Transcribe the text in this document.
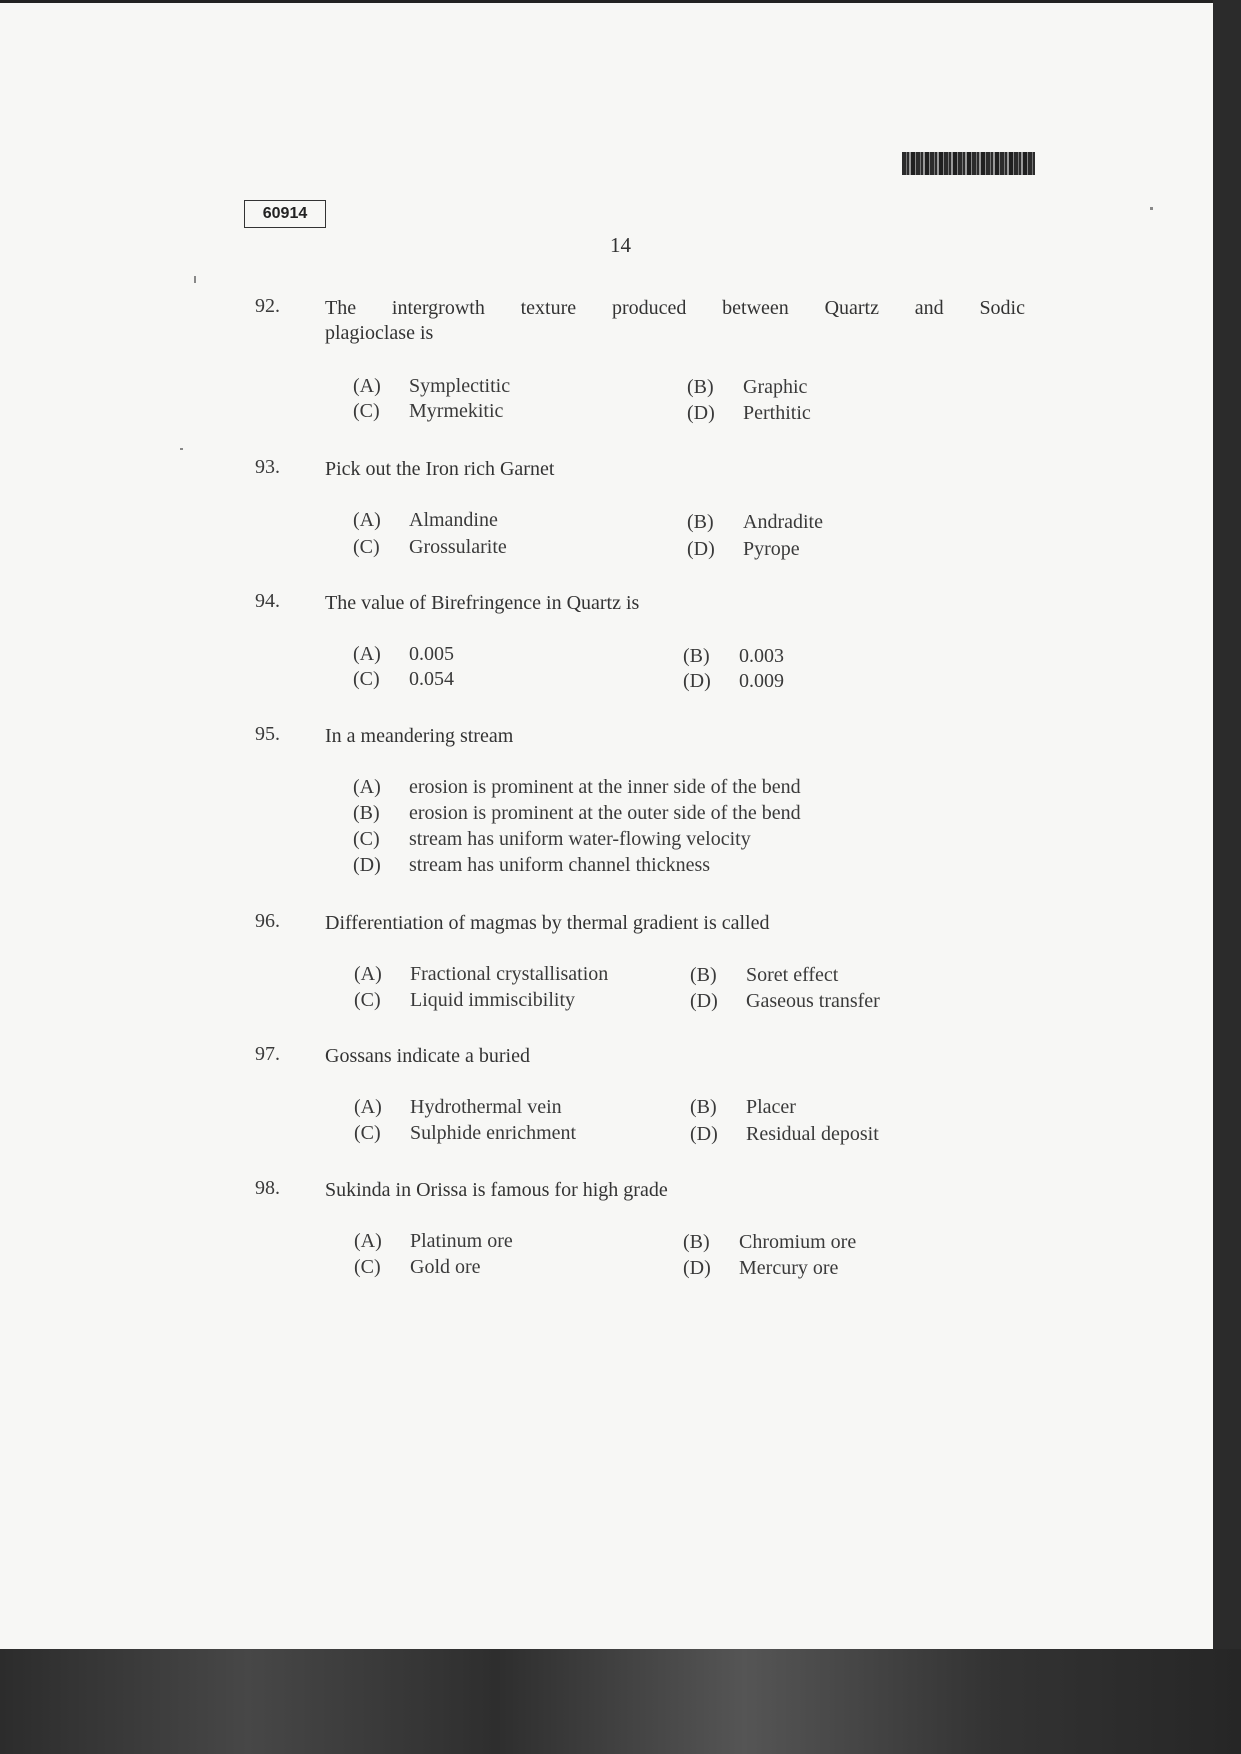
60914
14
92. The intergrowth texture produced between Quartz and Sodic
plagioclase is
(A) Symplectitic	(B) Graphic
(C) Myrmekitic	(D) Perthitic
93. Pick out the Iron rich Garnet
(A) Almandine	(B) Andradite
(C) Grossularite	(D) Pyrope
94. The value of Birefringence in Quartz is
(A) 0.005	(B) 0.003
(C) 0.054	(D) 0.009
95. In a meandering stream
(A) erosion is prominent at the inner side of the bend
(B) erosion is prominent at the outer side of the bend
(C) stream has uniform water-flowing velocity
(D) stream has uniform channel thickness
96. Differentiation of magmas by thermal gradient is called
(A) Fractional crystallisation	(B) Soret effect
(C) Liquid immiscibility	(D) Gaseous transfer
97. Gossans indicate a buried
(A) Hydrothermal vein	(B) Placer
(C) Sulphide enrichment	(D) Residual deposit
98. Sukinda in Orissa is famous for high grade
(A) Platinum ore	(B) Chromium ore
(C) Gold ore	(D) Mercury ore
